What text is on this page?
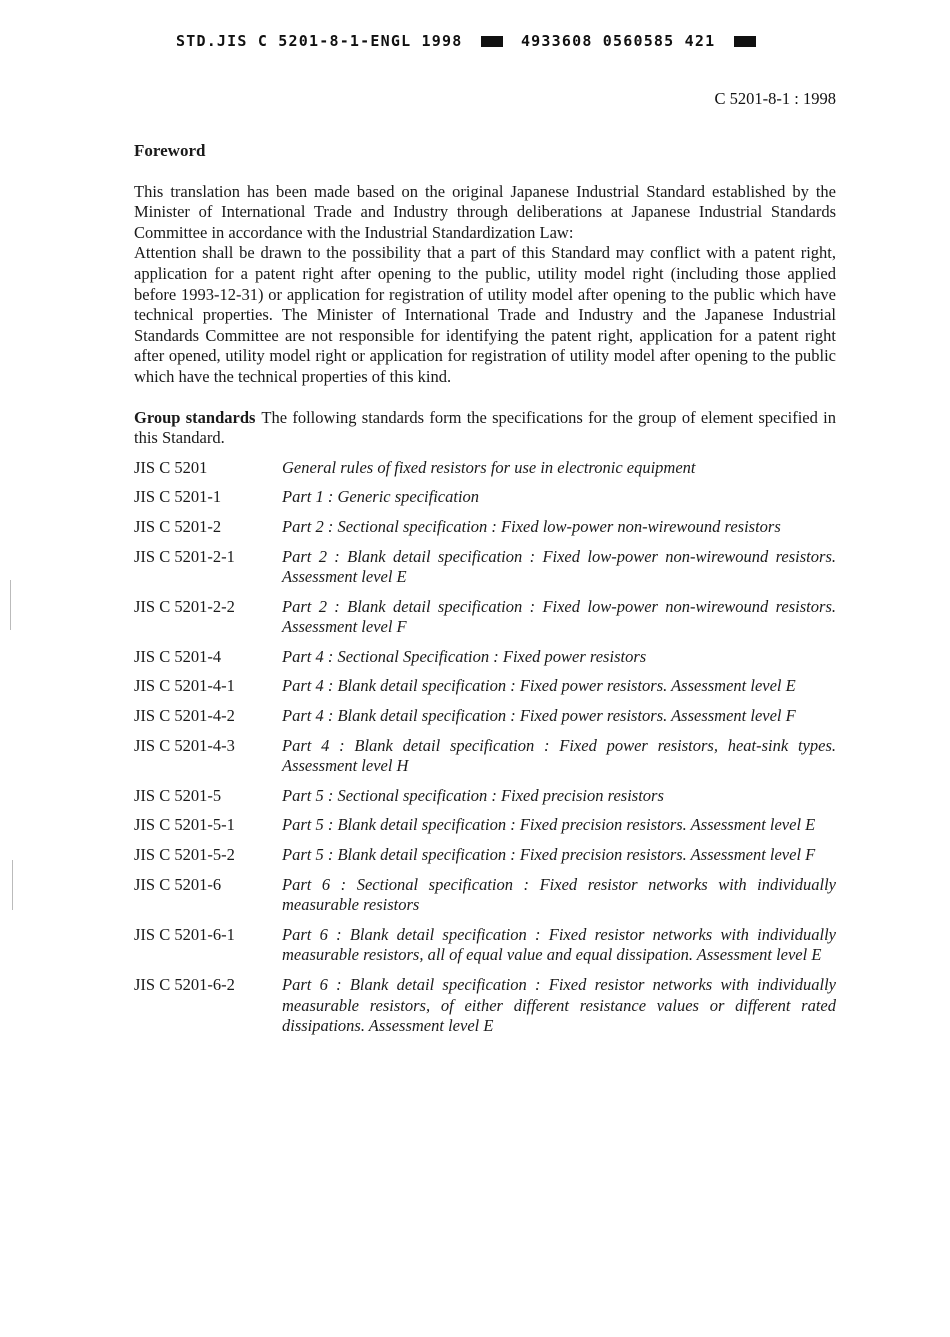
STD.JIS C 5201-8-1-ENGL 1998	4933608 0560585 421
C 5201-8-1 : 1998
Foreword

This translation has been made based on the original Japanese Industrial Standard established by the Minister of International Trade and Industry through deliberations at Japanese Industrial Standards Committee in accordance with the Industrial Standardization Law:

Attention shall be drawn to the possibility that a part of this Standard may conflict with a patent right, application for a patent right after opening to the public, utility model right (including those applied before 1993-12-31) or application for registration of utility model after opening to the public which have technical properties. The Minister of International Trade and Industry and the Japanese Industrial Standards Committee are not responsible for identifying the patent right, application for a patent right after opened, utility model right or application for registration of utility model after opening to the public which have the technical properties of this kind.

Group standards The following standards form the specifications for the group of element specified in this Standard.
JIS C 5201	General rules of fixed resistors for use in electronic equipment
JIS C 5201-1	Part 1 : Generic specification
JIS C 5201-2	Part 2 : Sectional specification : Fixed low-power non-wirewound resistors
JIS C 5201-2-1	Part 2 : Blank detail specification : Fixed low-power non-wirewound resistors. Assessment level E
JIS C 5201-2-2	Part 2 : Blank detail specification : Fixed low-power non-wirewound resistors. Assessment level F
JIS C 5201-4	Part 4 : Sectional Specification : Fixed power resistors
JIS C 5201-4-1	Part 4 : Blank detail specification : Fixed power resistors. Assessment level E
JIS C 5201-4-2	Part 4 : Blank detail specification : Fixed power resistors. Assessment level F
JIS C 5201-4-3	Part 4 : Blank detail specification : Fixed power resistors, heat-sink types. Assessment level H
JIS C 5201-5	Part 5 : Sectional specification : Fixed precision resistors
JIS C 5201-5-1	Part 5 : Blank detail specification : Fixed precision resistors. Assessment level E
JIS C 5201-5-2	Part 5 : Blank detail specification : Fixed precision resistors. Assessment level F
JIS C 5201-6	Part 6 : Sectional specification : Fixed resistor networks with individually measurable resistors
JIS C 5201-6-1	Part 6 : Blank detail specification : Fixed resistor networks with individually measurable resistors, all of equal value and equal dissipation. Assessment level E
JIS C 5201-6-2	Part 6 : Blank detail specification : Fixed resistor networks with individually measurable resistors, of either different resistance values or different rated dissipations. Assessment level E
